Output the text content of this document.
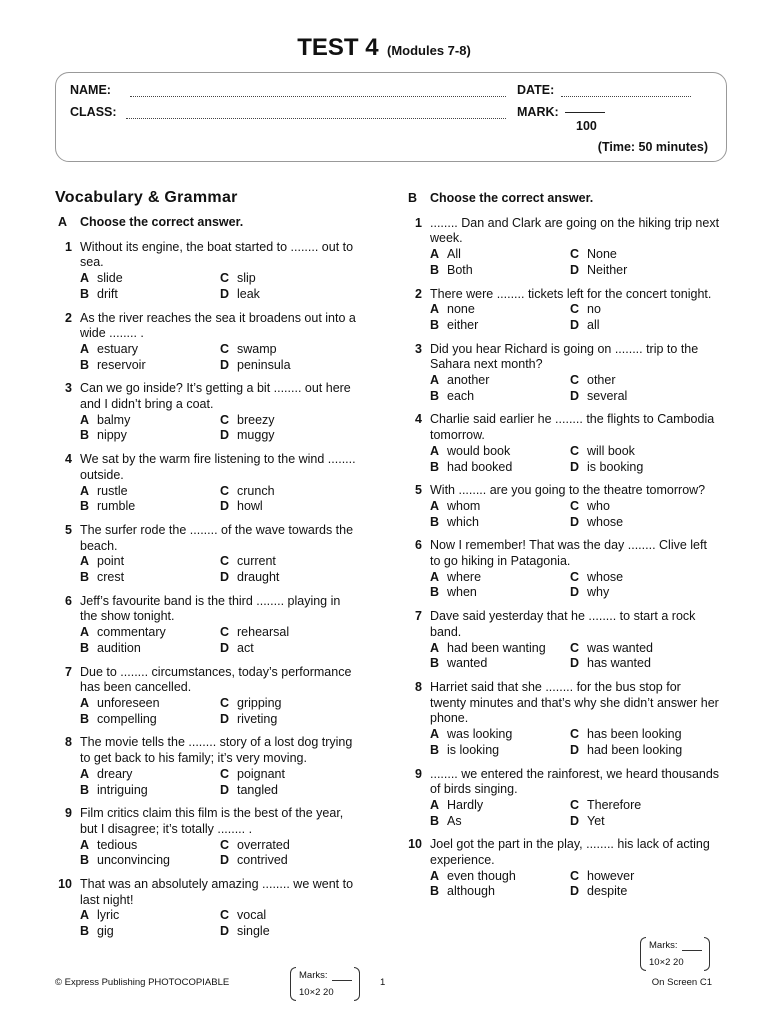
TEST 4 (Modules 7-8)
NAME:
CLASS:
DATE:
MARK:
100
(Time: 50 minutes)
Vocabulary & Grammar
A Choose the correct answer.
1 Without its engine, the boat started to ........ out to sea.
A slide	C slip
B drift	D leak
2 As the river reaches the sea it broadens out into a wide ........ .
A estuary	C swamp
B reservoir	D peninsula
3 Can we go inside? It’s getting a bit ........ out here and I didn’t bring a coat.
A balmy	C breezy
B nippy	D muggy
4 We sat by the warm fire listening to the wind ........ outside.
A rustle	C crunch
B rumble	D howl
5 The surfer rode the ........ of the wave towards the beach.
A point	C current
B crest	D draught
6 Jeff’s favourite band is the third ........ playing in the show tonight.
A commentary	C rehearsal
B audition	D act
7 Due to ........ circumstances, today’s performance has been cancelled.
A unforeseen	C gripping
B compelling	D riveting
8 The movie tells the ........ story of a lost dog trying to get back to his family; it’s very moving.
A dreary	C poignant
B intriguing	D tangled
9 Film critics claim this film is the best of the year, but I disagree; it’s totally ........ .
A tedious	C overrated
B unconvincing	D contrived
10 That was an absolutely amazing ........ we went to last night!
A lyric	C vocal
B gig	D single
B Choose the correct answer.
1 ........ Dan and Clark are going on the hiking trip next week.
A All	C None
B Both	D Neither
2 There were ........ tickets left for the concert tonight.
A none	C no
B either	D all
3 Did you hear Richard is going on ........ trip to the Sahara next month?
A another	C other
B each	D several
4 Charlie said earlier he ........ the flights to Cambodia tomorrow.
A would book	C will book
B had booked	D is booking
5 With ........ are you going to the theatre tomorrow?
A whom	C who
B which	D whose
6 Now I remember! That was the day ........ Clive left to go hiking in Patagonia.
A where	C whose
B when	D why
7 Dave said yesterday that he ........ to start a rock band.
A had been wanting	C was wanted
B wanted	D has wanted
8 Harriet said that she ........ for the bus stop for twenty minutes and that’s why she didn’t answer her phone.
A was looking	C has been looking
B is looking	D had been looking
9 ........ we entered the rainforest, we heard thousands of birds singing.
A Hardly	C Therefore
B As	D Yet
10 Joel got the part in the play, ........ his lack of acting experience.
A even though	C however
B although	D despite
Marks:
10×2 20
Marks:
10×2 20
© Express Publishing PHOTOCOPIABLE	1	On Screen C1
